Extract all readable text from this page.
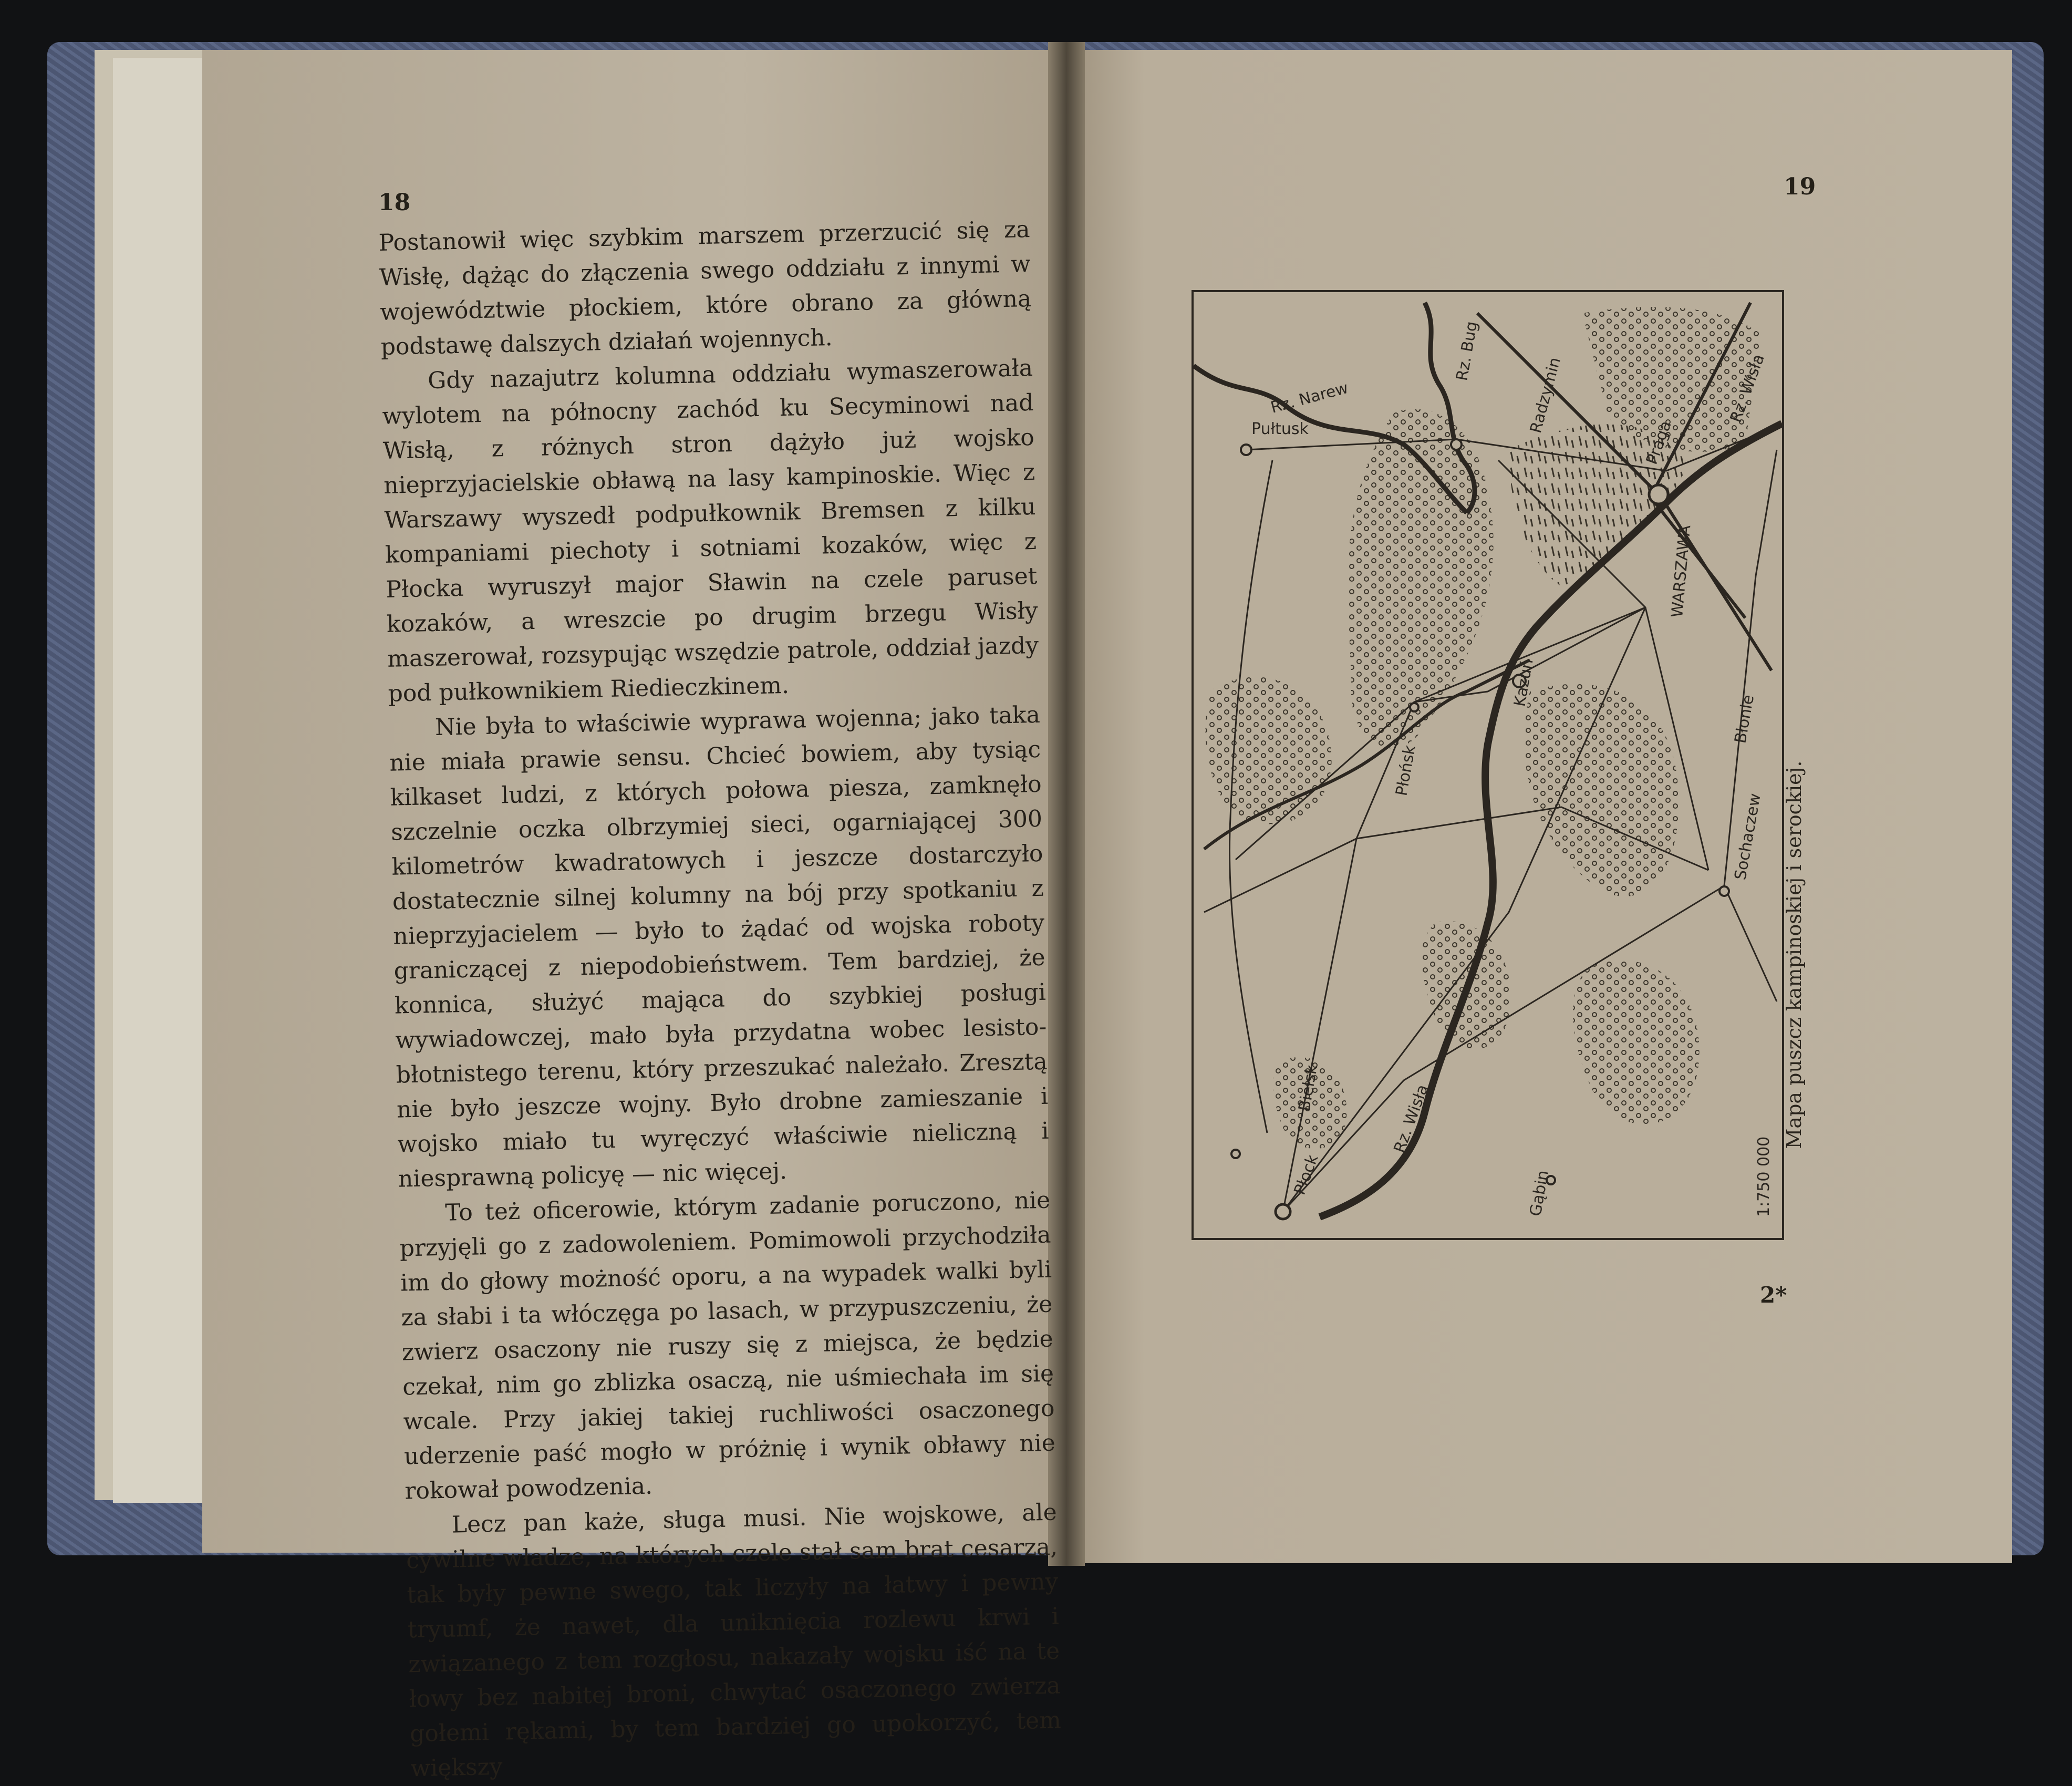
18

Postanowił więc szybkim marszem przerzucić się za Wisłę, dążąc do złączenia swego oddziału z innymi w województwie płockiem, które obrano za główną podstawę dalszych działań wojennych.

Gdy nazajutrz kolumna oddziału wymaszerowała wylotem na północny zachód ku Secyminowi nad Wisłą, z różnych stron dążyło już wojsko nieprzyjacielskie obławą na lasy kampinoskie. Więc z Warszawy wyszedł podpułkownik Bremsen z kilku kompaniami piechoty i sotniami kozaków, więc z Płocka wyruszył major Sławin na czele paruset kozaków, a wreszcie po drugim brzegu Wisły maszerował, rozsypując wszędzie patrole, oddział jazdy pod pułkownikiem Riedieczkinem.

Nie była to właściwie wyprawa wojenna; jako taka nie miała prawie sensu. Chcieć bowiem, aby tysiąc kilkaset ludzi, z których połowa piesza, zamknęło szczelnie oczka olbrzymiej sieci, ogarniającej 300 kilometrów kwadratowych i jeszcze dostarczyło dostatecznie silnej kolumny na bój przy spotkaniu z nieprzyjacielem — było to żądać od wojska roboty graniczącej z niepodobieństwem. Tem bardziej, że konnica, służyć mająca do szybkiej posługi wywiadowczej, mało była przydatna wobec lesisto-błotnistego terenu, który przeszukać należało. Zresztą nie było jeszcze wojny. Było drobne zamieszanie i wojsko miało tu wyręczyć właściwie nieliczną i niesprawną policyę — nic więcej.

To też oficerowie, którym zadanie poruczono, nie przyjęli go z zadowoleniem. Pomimowoli przychodziła im do głowy możność oporu, a na wypadek walki byli za słabi i ta włóczęga po lasach, w przypuszczeniu, że zwierz osaczony nie ruszy się z miejsca, że będzie czekał, nim go zblizka osaczą, nie uśmiechała im się wcale. Przy jakiej takiej ruchliwości osaczonego uderzenie paść mogło w próżnię i wynik obławy nie rokował powodzenia.

Lecz pan każe, sługa musi. Nie wojskowe, ale cywilne władze, na których czele stał sam brat cesarza, tak były pewne swego, tak liczyły na łatwy i pewny tryumf, że nawet, dla uniknięcia rozlewu krwi i związanego z tem rozgłosu, nakazały wojsku iść na te łowy bez nabitej broni, chwytać osaczonego zwierza gołemi rękami, by tem bardziej go upokorzyć, tem większy

19
Pułtusk
Rz. Narew
Rz. Bug
Radzymin
Praga
Rz. Wisła
WARSZAWA
Płońsk
Kazuń
Bielsk
Płock
Rz. Wisła
Gąbin
Sochaczew
Błonie
1:750 000
Mapa puszcz kampinoskiej i serockiej.
2*
